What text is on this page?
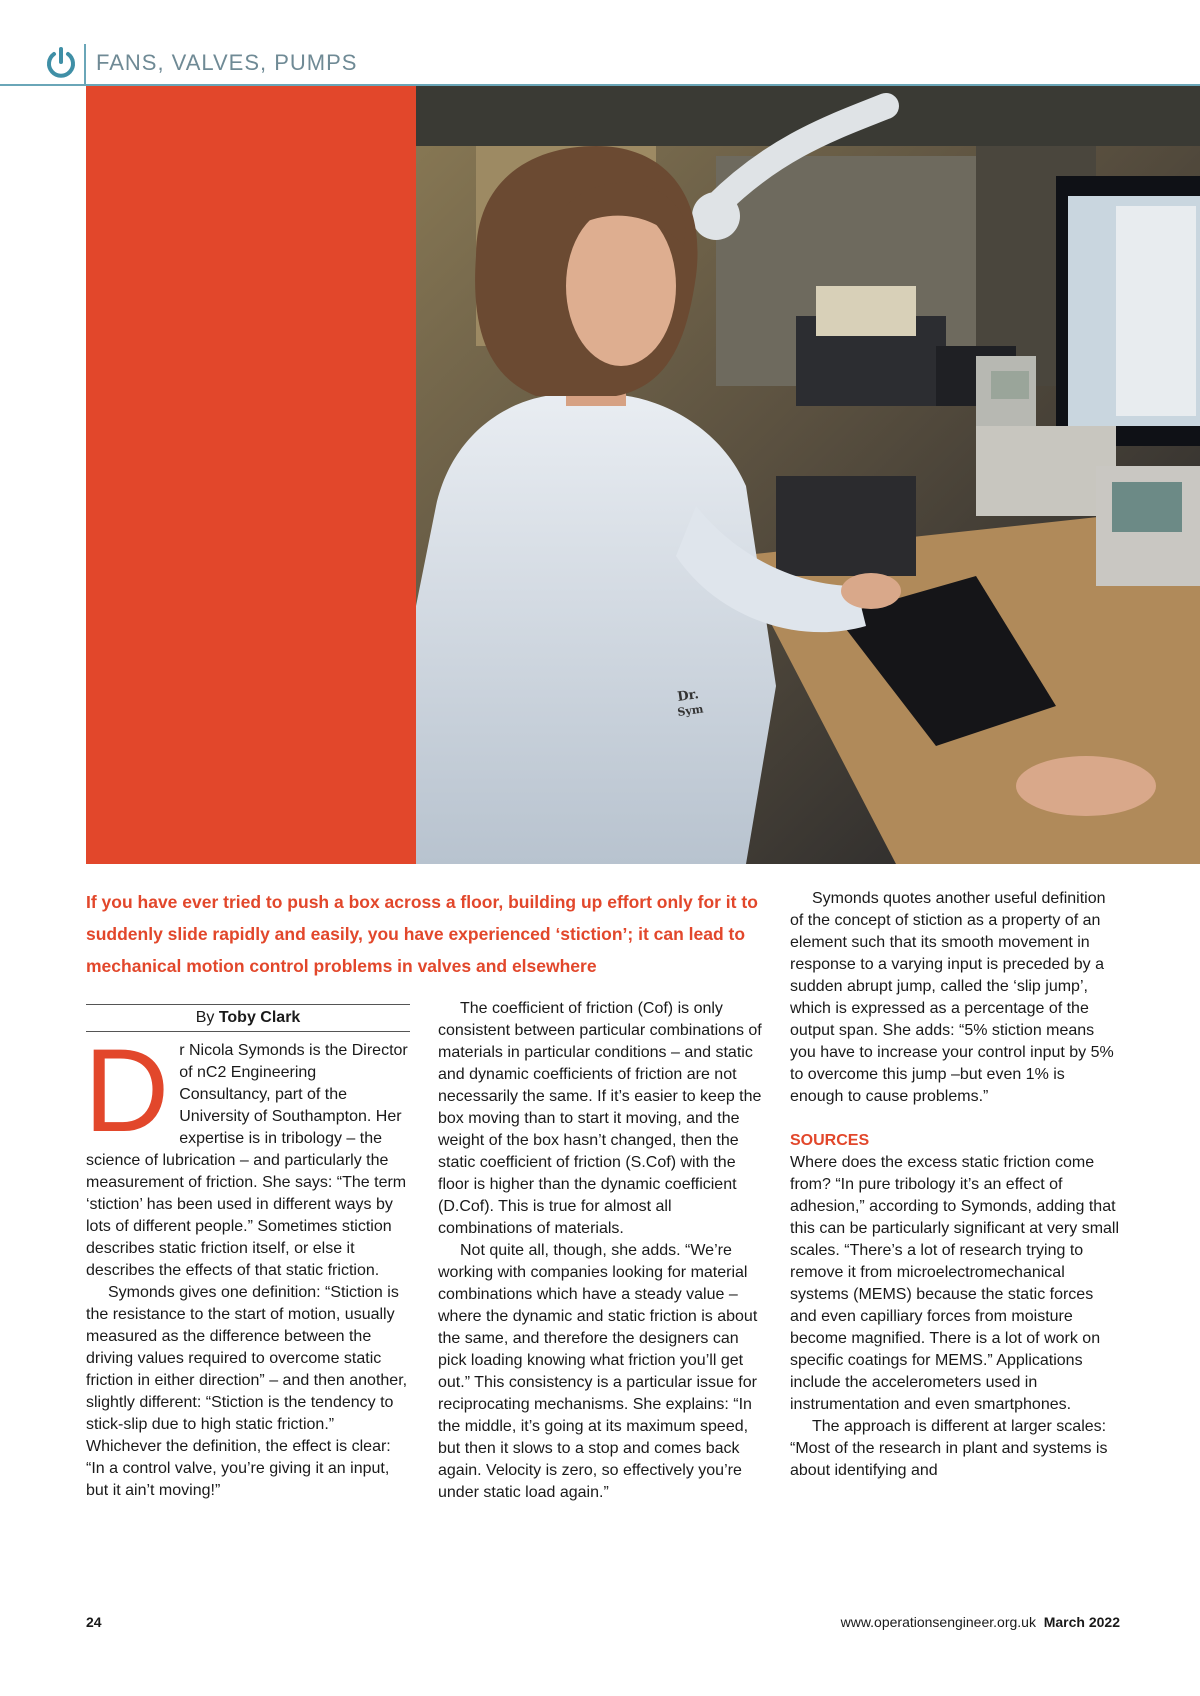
FANS, VALVES, PUMPS
Dr.
Sym
If you have ever tried to push a box across a floor, building up effort only for it to suddenly slide rapidly and easily, you have experienced ‘stiction’; it can lead to mechanical motion control problems in valves and elsewhere
By Toby Clark

Dr Nicola Symonds is the Director of nC2 Engineering Consultancy, part of the University of Southampton. Her expertise is in tribology – the science of lubrication – and particularly the measurement of friction. She says: “The term ‘stiction’ has been used in different ways by lots of different people.” Sometimes stiction describes static friction itself, or else it describes the effects of that static friction.

Symonds gives one definition: “Stiction is the resistance to the start of motion, usually measured as the difference between the driving values required to overcome static friction in either direction” – and then another, slightly different: “Stiction is the tendency to stick-slip due to high static friction.” Whichever the definition, the effect is clear: “In a control valve, you’re giving it an input, but it ain’t moving!”

The coefficient of friction (Cof) is only consistent between particular combinations of materials in particular conditions – and static and dynamic coefficients of friction are not necessarily the same. If it’s easier to keep the box moving than to start it moving, and the weight of the box hasn’t changed, then the static coefficient of friction (S.Cof) with the floor is higher than the dynamic coefficient (D.Cof). This is true for almost all combinations of materials.

Not quite all, though, she adds. “We’re working with companies looking for material combinations which have a steady value – where the dynamic and static friction is about the same, and therefore the designers can pick loading knowing what friction you’ll get out.” This consistency is a particular issue for reciprocating mechanisms. She explains: “In the middle, it’s going at its maximum speed, but then it slows to a stop and comes back again. Velocity is zero, so effectively you’re under static load again.”

Symonds quotes another useful definition of the concept of stiction as a property of an element such that its smooth movement in response to a varying input is preceded by a sudden abrupt jump, called the ‘slip jump’, which is expressed as a percentage of the output span. She adds: “5% stiction means you have to increase your control input by 5% to overcome this jump –but even 1% is enough to cause problems.”

SOURCES

Where does the excess static friction come from? “In pure tribology it’s an effect of adhesion,” according to Symonds, adding that this can be particularly significant at very small scales. “There’s a lot of research trying to remove it from microelectromechanical systems (MEMS) because the static forces and even capilliary forces from moisture become magnified. There is a lot of work on specific coatings for MEMS.” Applications include the accelerometers used in instrumentation and even smartphones.

The approach is different at larger scales: “Most of the research in plant and systems is about identifying and

24	www.operationsengineer.org.uk March 2022
